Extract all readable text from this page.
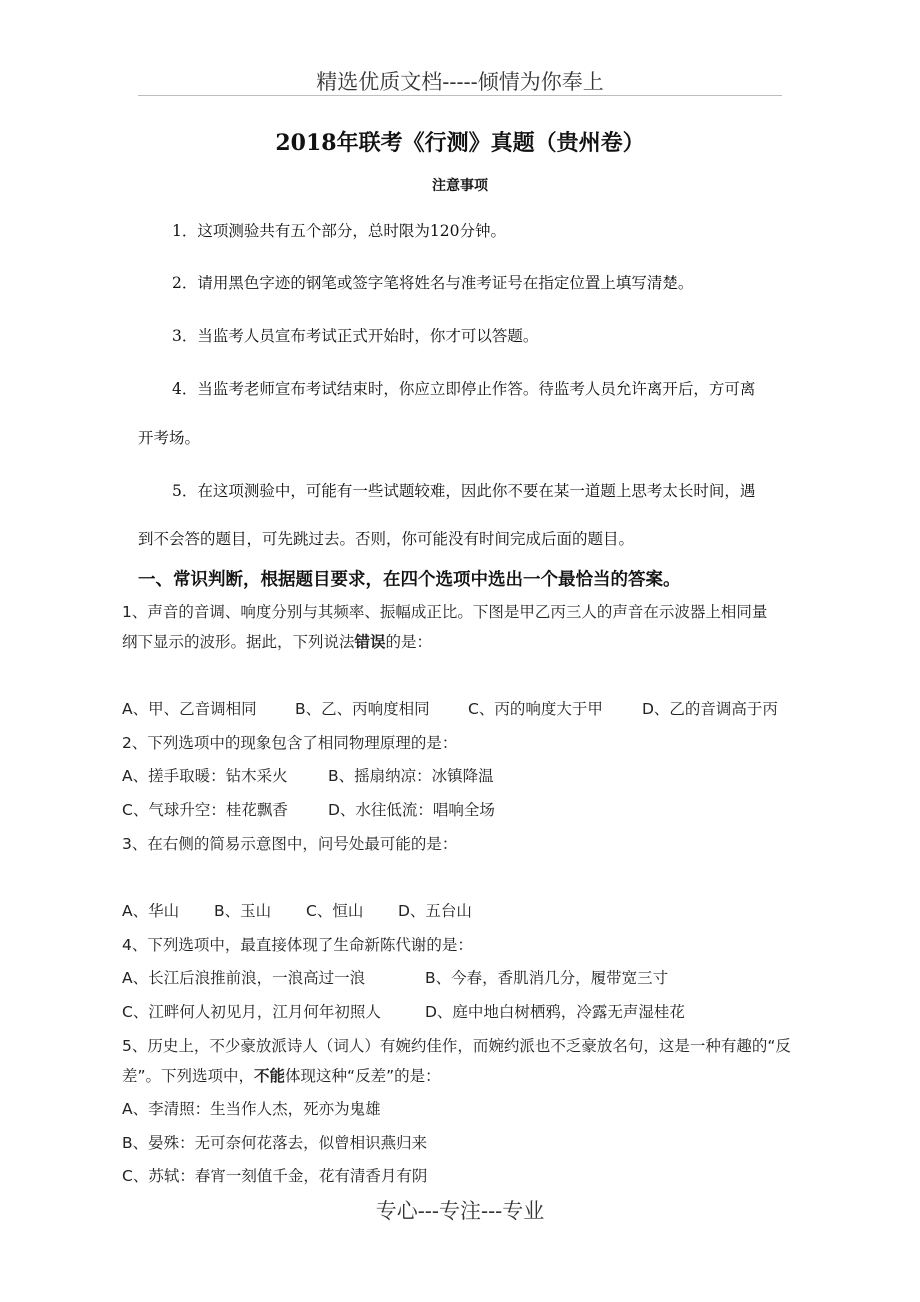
精选优质文档-----倾情为你奉上
2018年联考《行测》真题（贵州卷）
注意事项
1．这项测验共有五个部分，总时限为120分钟。
2．请用黑色字迹的钢笔或签字笔将姓名与准考证号在指定位置上填写清楚。
3．当监考人员宣布考试正式开始时，你才可以答题。
4．当监考老师宣布考试结束时，你应立即停止作答。待监考人员允许离开后，方可离
开考场。
5．在这项测验中，可能有一些试题较难，因此你不要在某一道题上思考太长时间，遇
到不会答的题目，可先跳过去。否则，你可能没有时间完成后面的题目。
一、常识判断，根据题目要求，在四个选项中选出一个最恰当的答案。
1、声音的音调、响度分别与其频率、振幅成正比。下图是甲乙丙三人的声音在示波器上相同量
纲下显示的波形。据此，下列说法错误的是：
A、甲、乙音调相同 B、乙、丙响度相同 C、丙的响度大于甲	D、乙的音调高于丙
2、下列选项中的现象包含了相同物理原理的是：
A、搓手取暖：钻木采火	B、摇扇纳凉：冰镇降温
C、气球升空：桂花飘香	D、水往低流：唱响全场
3、在右侧的简易示意图中，问号处最可能的是：
A、华山 B、玉山 C、恒山 D、五台山
4、下列选项中，最直接体现了生命新陈代谢的是：
A、长江后浪推前浪，一浪高过一浪	B、今春，香肌消几分，履带宽三寸
C、江畔何人初见月，江月何年初照人	D、庭中地白树栖鸦，冷露无声湿桂花
5、历史上，不少豪放派诗人（词人）有婉约佳作，而婉约派也不乏豪放名句，这是一种有趣的“反
差”。下列选项中，不能体现这种“反差”的是：
A、李清照：生当作人杰，死亦为鬼雄
B、晏殊：无可奈何花落去，似曾相识燕归来
C、苏轼：春宵一刻值千金，花有清香月有阴
专心---专注---专业
